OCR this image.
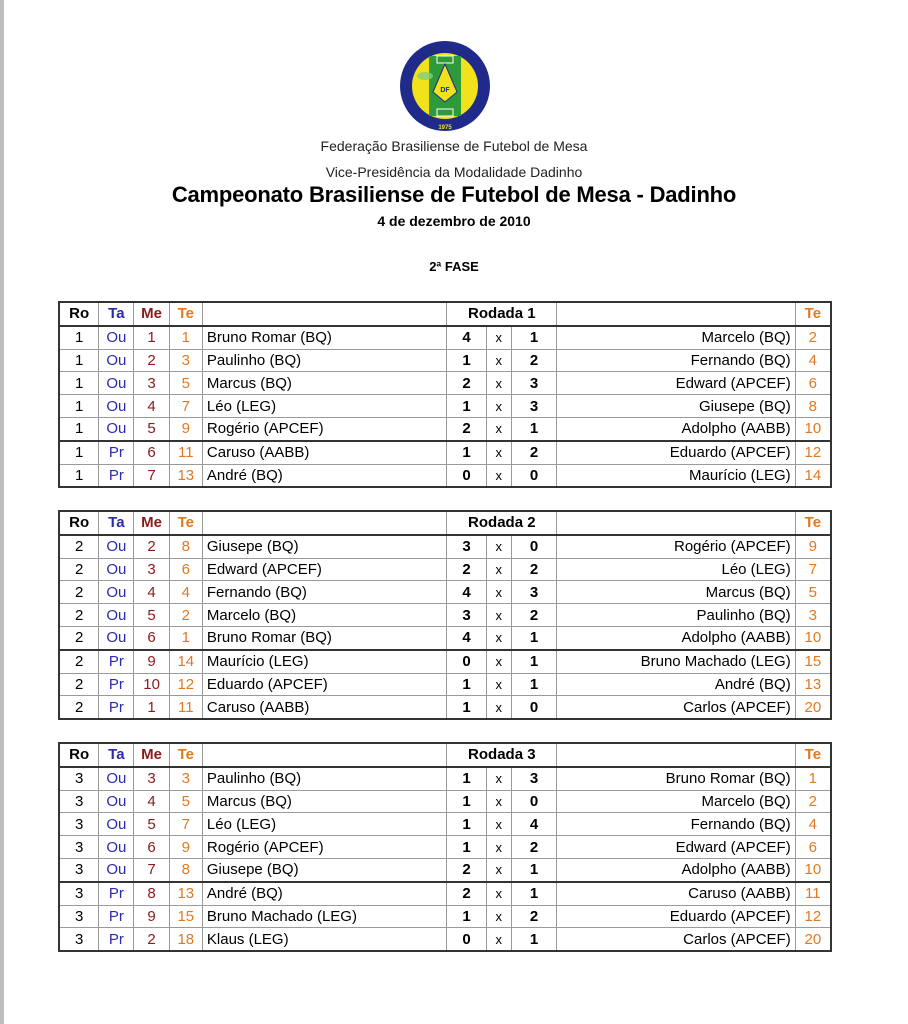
DF
1975
Federação Brasiliense de Futebol de Mesa
Vice-Presidência da Modalidade Dadinho
Campeonato Brasiliense de Futebol de Mesa - Dadinho
4 de dezembro de 2010
2ª FASE
Ro	Ta	Me	Te		Rodada 1				Te
1	Ou	1	1	Bruno Romar (BQ)	4	x	1	Marcelo (BQ)	2
1	Ou	2	3	Paulinho (BQ)	1	x	2	Fernando (BQ)	4
1	Ou	3	5	Marcus (BQ)	2	x	3	Edward (APCEF)	6
1	Ou	4	7	Léo (LEG)	1	x	3	Giusepe (BQ)	8
1	Ou	5	9	Rogério (APCEF)	2	x	1	Adolpho (AABB)	10
1	Pr	6	11	Caruso (AABB)	1	x	2	Eduardo (APCEF)	12
1	Pr	7	13	André (BQ)	0	x	0	Maurício (LEG)	14
Ro	Ta	Me	Te		Rodada 2				Te
2	Ou	2	8	Giusepe (BQ)	3	x	0	Rogério (APCEF)	9
2	Ou	3	6	Edward (APCEF)	2	x	2	Léo (LEG)	7
2	Ou	4	4	Fernando (BQ)	4	x	3	Marcus (BQ)	5
2	Ou	5	2	Marcelo (BQ)	3	x	2	Paulinho (BQ)	3
2	Ou	6	1	Bruno Romar (BQ)	4	x	1	Adolpho (AABB)	10
2	Pr	9	14	Maurício (LEG)	0	x	1	Bruno Machado (LEG)	15
2	Pr	10	12	Eduardo (APCEF)	1	x	1	André (BQ)	13
2	Pr	1	11	Caruso (AABB)	1	x	0	Carlos (APCEF)	20
Ro	Ta	Me	Te		Rodada 3				Te
3	Ou	3	3	Paulinho (BQ)	1	x	3	Bruno Romar (BQ)	1
3	Ou	4	5	Marcus (BQ)	1	x	0	Marcelo (BQ)	2
3	Ou	5	7	Léo (LEG)	1	x	4	Fernando (BQ)	4
3	Ou	6	9	Rogério (APCEF)	1	x	2	Edward (APCEF)	6
3	Ou	7	8	Giusepe (BQ)	2	x	1	Adolpho (AABB)	10
3	Pr	8	13	André (BQ)	2	x	1	Caruso (AABB)	11
3	Pr	9	15	Bruno Machado (LEG)	1	x	2	Eduardo (APCEF)	12
3	Pr	2	18	Klaus (LEG)	0	x	1	Carlos (APCEF)	20
